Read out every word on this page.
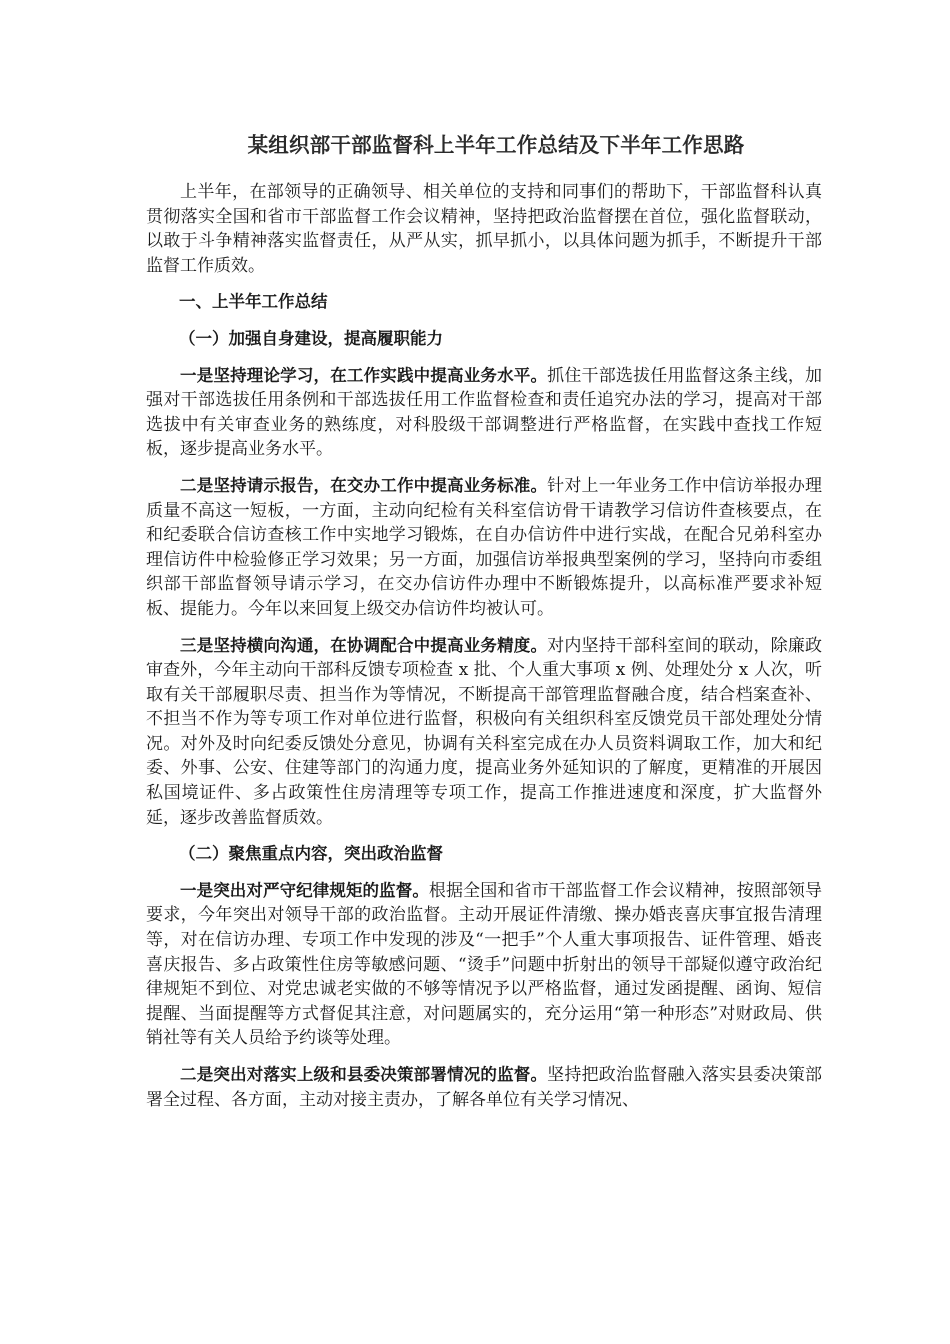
某组织部干部监督科上半年工作总结及下半年工作思路

上半年，在部领导的正确领导、相关单位的支持和同事们的帮助下，干部监督科认真贯彻落实全国和省市干部监督工作会议精神，坚持把政治监督摆在首位，强化监督联动，以敢于斗争精神落实监督责任，从严从实，抓早抓小，以具体问题为抓手，不断提升干部监督工作质效。

一、上半年工作总结

（一）加强自身建设，提高履职能力

一是坚持理论学习，在工作实践中提高业务水平。抓住干部选拔任用监督这条主线，加强对干部选拔任用条例和干部选拔任用工作监督检查和责任追究办法的学习，提高对干部选拔中有关审查业务的熟练度，对科股级干部调整进行严格监督，在实践中查找工作短板，逐步提高业务水平。

二是坚持请示报告，在交办工作中提高业务标准。针对上一年业务工作中信访举报办理质量不高这一短板，一方面，主动向纪检有关科室信访骨干请教学习信访件查核要点，在和纪委联合信访查核工作中实地学习锻炼，在自办信访件中进行实战，在配合兄弟科室办理信访件中检验修正学习效果；另一方面，加强信访举报典型案例的学习，坚持向市委组织部干部监督领导请示学习，在交办信访件办理中不断锻炼提升，以高标准严要求补短板、提能力。今年以来回复上级交办信访件均被认可。

三是坚持横向沟通，在协调配合中提高业务精度。对内坚持干部科室间的联动，除廉政审查外，今年主动向干部科反馈专项检查 x 批、个人重大事项 x 例、处理处分 x 人次，听取有关干部履职尽责、担当作为等情况，不断提高干部管理监督融合度，结合档案查补、不担当不作为等专项工作对单位进行监督，积极向有关组织科室反馈党员干部处理处分情况。对外及时向纪委反馈处分意见，协调有关科室完成在办人员资料调取工作，加大和纪委、外事、公安、住建等部门的沟通力度，提高业务外延知识的了解度，更精准的开展因私国境证件、多占政策性住房清理等专项工作，提高工作推进速度和深度，扩大监督外延，逐步改善监督质效。

（二）聚焦重点内容，突出政治监督

一是突出对严守纪律规矩的监督。根据全国和省市干部监督工作会议精神，按照部领导要求，今年突出对领导干部的政治监督。主动开展证件清缴、操办婚丧喜庆事宜报告清理等，对在信访办理、专项工作中发现的涉及“一把手”个人重大事项报告、证件管理、婚丧喜庆报告、多占政策性住房等敏感问题、“烫手”问题中折射出的领导干部疑似遵守政治纪律规矩不到位、对党忠诚老实做的不够等情况予以严格监督，通过发函提醒、函询、短信提醒、当面提醒等方式督促其注意，对问题属实的，充分运用“第一种形态”对财政局、供销社等有关人员给予约谈等处理。

二是突出对落实上级和县委决策部署情况的监督。坚持把政治监督融入落实县委决策部署全过程、各方面，主动对接主责办，了解各单位有关学习情况、
